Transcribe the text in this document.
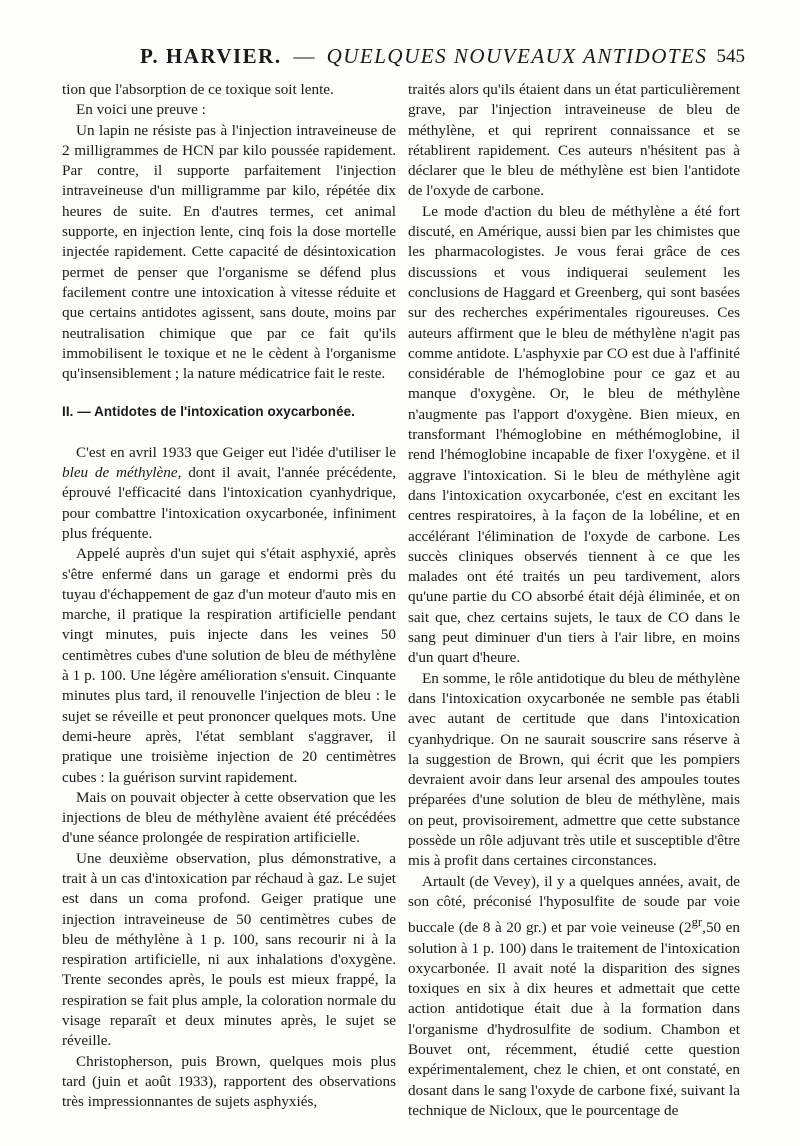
P. HARVIER. — QUELQUES NOUVEAUX ANTIDOTES 545

tion que l'absorption de ce toxique soit lente.

En voici une preuve :

Un lapin ne résiste pas à l'injection intraveineuse de 2 milligrammes de HCN par kilo poussée rapidement. Par contre, il supporte parfaitement l'injection intraveineuse d'un milligramme par kilo, répétée dix heures de suite. En d'autres termes, cet animal supporte, en injection lente, cinq fois la dose mortelle injectée rapidement. Cette capacité de désintoxication permet de penser que l'organisme se défend plus facilement contre une intoxication à vitesse réduite et que certains antidotes agissent, sans doute, moins par neutralisation chimique que par ce fait qu'ils immobilisent le toxique et ne le cèdent à l'organisme qu'insensiblement ; la nature médicatrice fait le reste.

II. — Antidotes de l'intoxication oxycarbonée.

C'est en avril 1933 que Geiger eut l'idée d'utiliser le bleu de méthylène, dont il avait, l'année précédente, éprouvé l'efficacité dans l'intoxication cyanhydrique, pour combattre l'intoxication oxycarbonée, infiniment plus fréquente.

Appelé auprès d'un sujet qui s'était asphyxié, après s'être enfermé dans un garage et endormi près du tuyau d'échappement de gaz d'un moteur d'auto mis en marche, il pratique la respiration artificielle pendant vingt minutes, puis injecte dans les veines 50 centimètres cubes d'une solution de bleu de méthylène à 1 p. 100. Une légère amélioration s'ensuit. Cinquante minutes plus tard, il renouvelle l'injection de bleu : le sujet se réveille et peut prononcer quelques mots. Une demi-heure après, l'état semblant s'aggraver, il pratique une troisième injection de 20 centimètres cubes : la guérison survint rapidement.

Mais on pouvait objecter à cette observation que les injections de bleu de méthylène avaient été précédées d'une séance prolongée de respiration artificielle.

Une deuxième observation, plus démonstrative, a trait à un cas d'intoxication par réchaud à gaz. Le sujet est dans un coma profond. Geiger pratique une injection intraveineuse de 50 centimètres cubes de bleu de méthylène à 1 p. 100, sans recourir ni à la respiration artificielle, ni aux inhalations d'oxygène. Trente secondes après, le pouls est mieux frappé, la respiration se fait plus ample, la coloration normale du visage reparaît et deux minutes après, le sujet se réveille.

Christopherson, puis Brown, quelques mois plus tard (juin et août 1933), rapportent des observations très impressionnantes de sujets asphyxiés,

traités alors qu'ils étaient dans un état particulièrement grave, par l'injection intraveineuse de bleu de méthylène, et qui reprirent connaissance et se rétablirent rapidement. Ces auteurs n'hésitent pas à déclarer que le bleu de méthylène est bien l'antidote de l'oxyde de carbone.

Le mode d'action du bleu de méthylène a été fort discuté, en Amérique, aussi bien par les chimistes que les pharmacologistes. Je vous ferai grâce de ces discussions et vous indiquerai seulement les conclusions de Haggard et Greenberg, qui sont basées sur des recherches expérimentales rigoureuses. Ces auteurs affirment que le bleu de méthylène n'agit pas comme antidote. L'asphyxie par CO est due à l'affinité considérable de l'hémoglobine pour ce gaz et au manque d'oxygène. Or, le bleu de méthylène n'augmente pas l'apport d'oxygène. Bien mieux, en transformant l'hémoglobine en méthémoglobine, il rend l'hémoglobine incapable de fixer l'oxygène. et il aggrave l'intoxication. Si le bleu de méthylène agit dans l'intoxication oxycarbonée, c'est en excitant les centres respiratoires, à la façon de la lobéline, et en accélérant l'élimination de l'oxyde de carbone. Les succès cliniques observés tiennent à ce que les malades ont été traités un peu tardivement, alors qu'une partie du CO absorbé était déjà éliminée, et on sait que, chez certains sujets, le taux de CO dans le sang peut diminuer d'un tiers à l'air libre, en moins d'un quart d'heure.

En somme, le rôle antidotique du bleu de méthylène dans l'intoxication oxycarbonée ne semble pas établi avec autant de certitude que dans l'intoxication cyanhydrique. On ne saurait souscrire sans réserve à la suggestion de Brown, qui écrit que les pompiers devraient avoir dans leur arsenal des ampoules toutes préparées d'une solution de bleu de méthylène, mais on peut, provisoirement, admettre que cette substance possède un rôle adjuvant très utile et susceptible d'être mis à profit dans certaines circonstances.

Artault (de Vevey), il y a quelques années, avait, de son côté, préconisé l'hyposulfite de soude par voie buccale (de 8 à 20 gr.) et par voie veineuse ($2^{gr},50$ en solution à 1 p. 100) dans le traitement de l'intoxication oxycarbonée. Il avait noté la disparition des signes toxiques en six à dix heures et admettait que cette action antidotique était due à la formation dans l'organisme d'hydrosulfite de sodium. Chambon et Bouvet ont, récemment, étudié cette question expérimentalement, chez le chien, et ont constaté, en dosant dans le sang l'oxyde de carbone fixé, suivant la technique de Nicloux, que le pourcentage de
